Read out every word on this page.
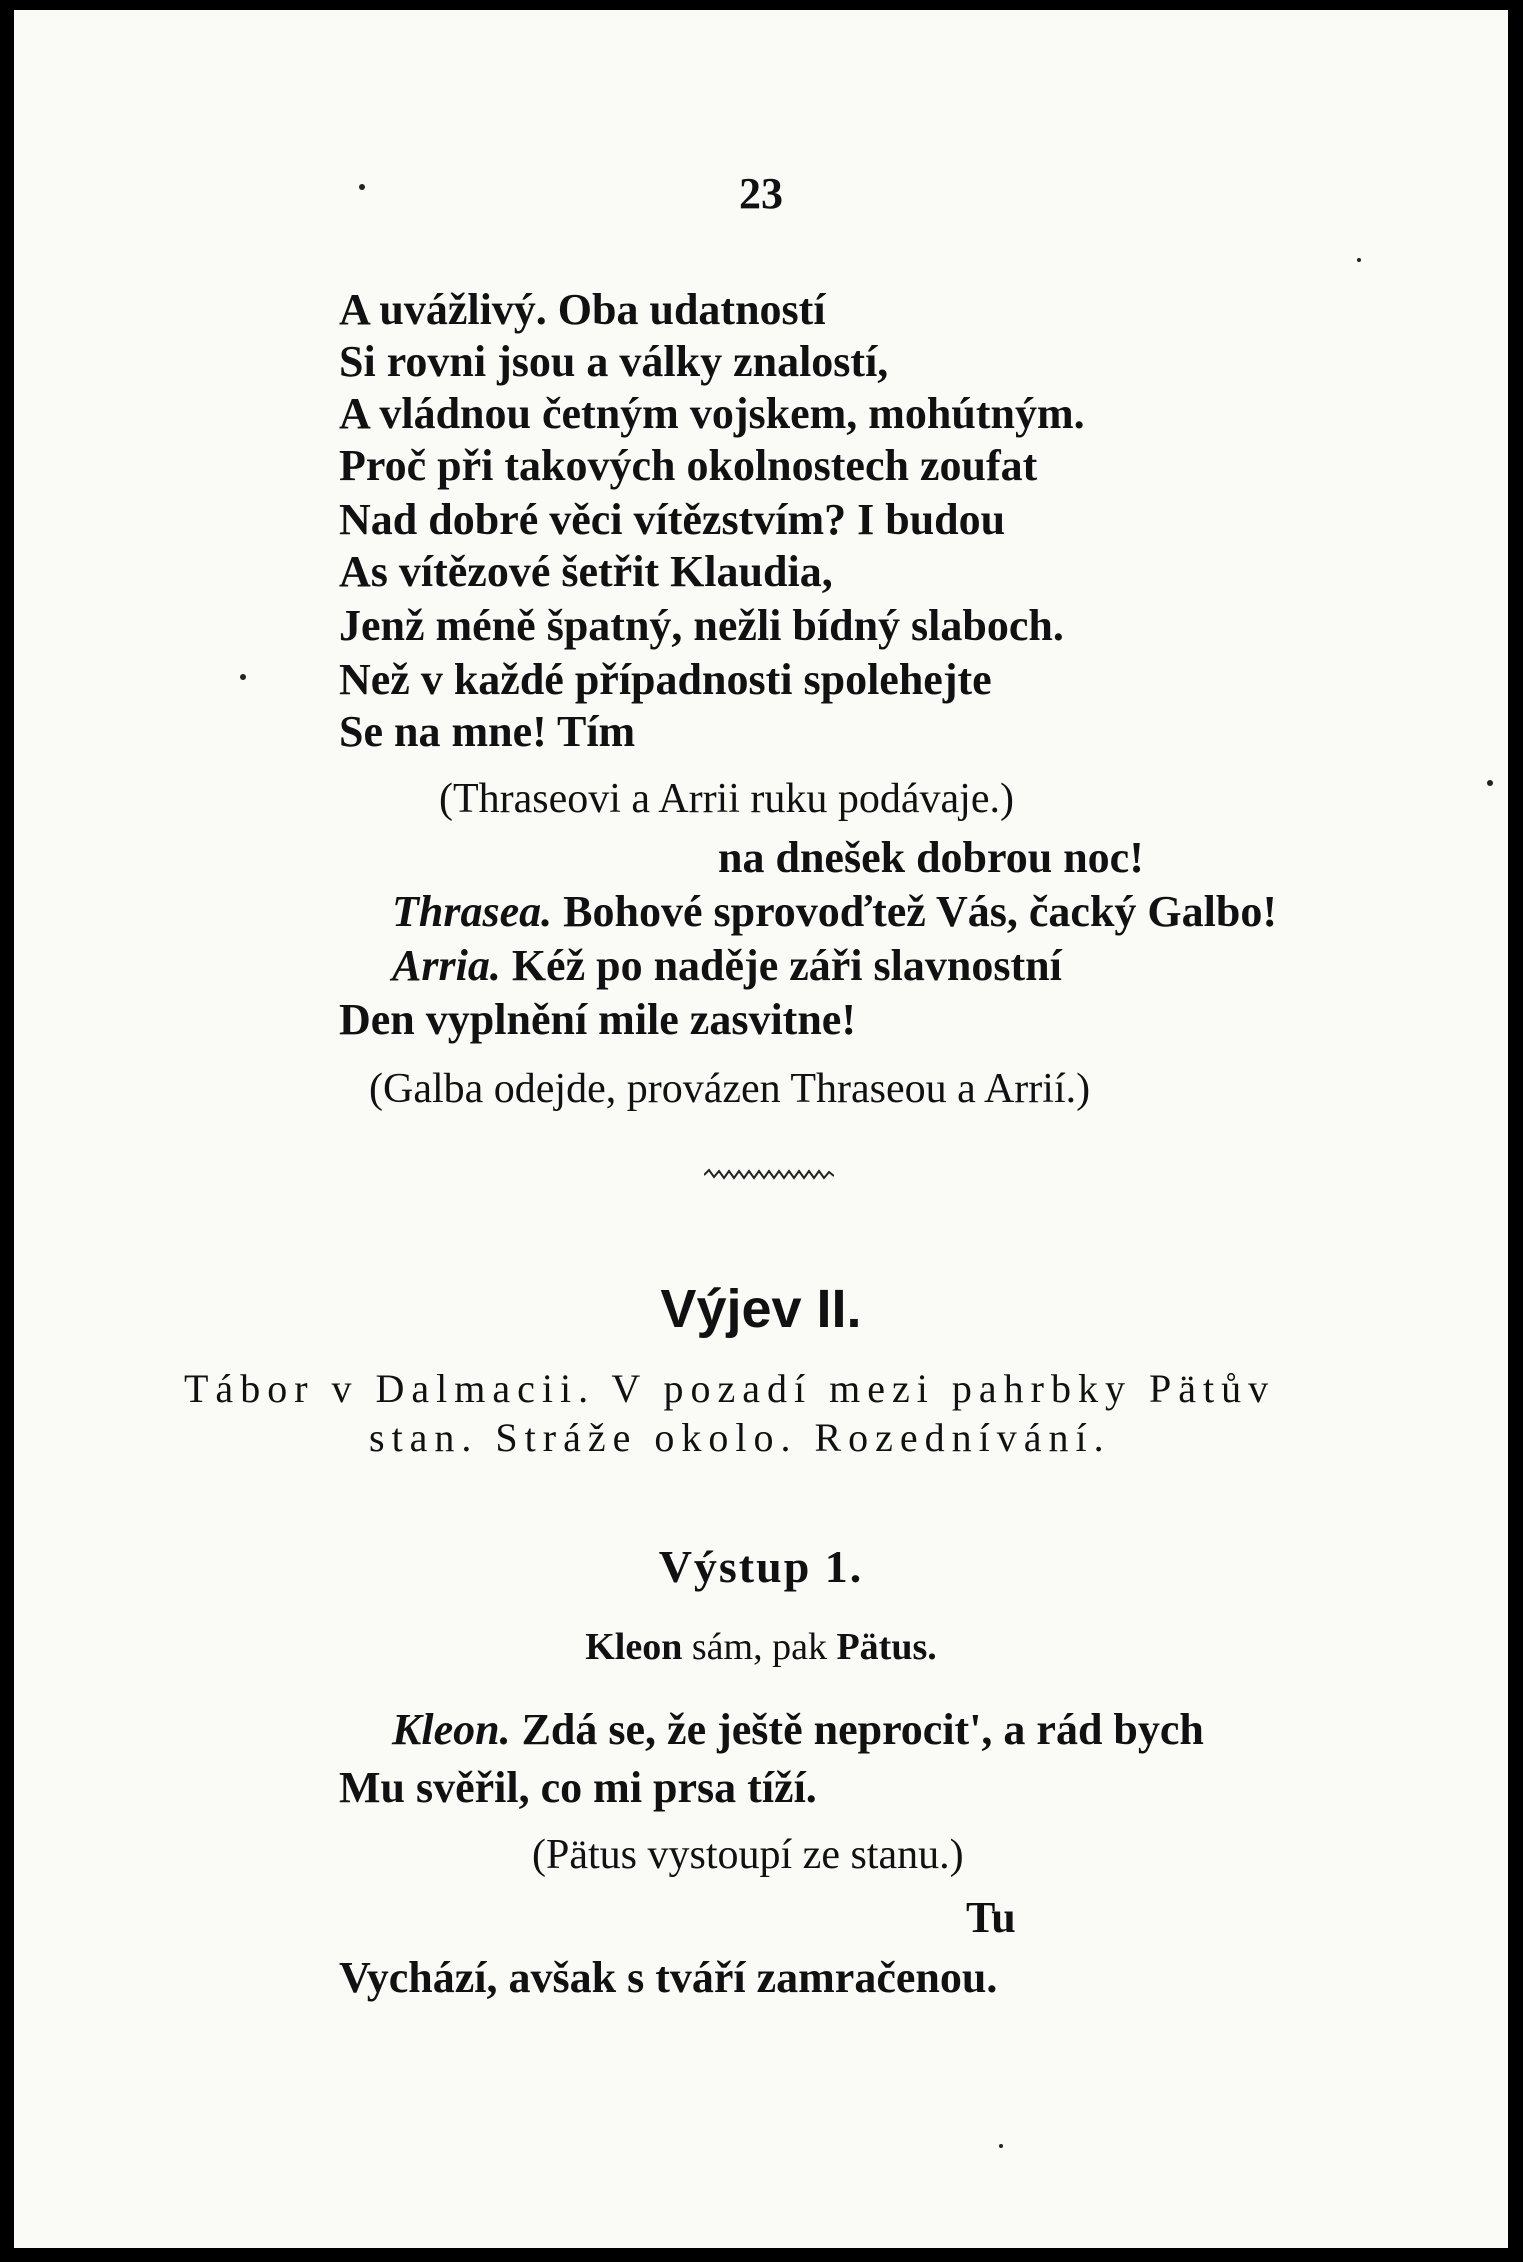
23
A uvážlivý. Oba udatností
Si rovni jsou a války znalostí,
A vládnou četným vojskem, mohútným.
Proč při takových okolnostech zoufat
Nad dobré věci vítězstvím? I budou
As vítězové šetřit Klaudia,
Jenž méně špatný, nežli bídný slaboch.
Než v každé případnosti spolehejte
Se na mne! Tím
(Thraseovi a Arrii ruku podávaje.)
na dnešek dobrou noc!
Thrasea. Bohové sprovoďtež Vás, čacký Galbo!
Arria. Kéž po naděje záři slavnostní
Den vyplnění mile zasvitne!
(Galba odejde, provázen Thraseou a Arrií.)
Výjev II.
Tábor v Dalmacii. V pozadí mezi pahrbky Pätův
stan. Stráže okolo. Rozednívání.
Výstup 1.
Kleon sám, pak Pätus.
Kleon. Zdá se, že ještě neprocit', a rád bych
Mu svěřil, co mi prsa tíží.
(Pätus vystoupí ze stanu.)
Tu
Vychází, avšak s tváří zamračenou.
